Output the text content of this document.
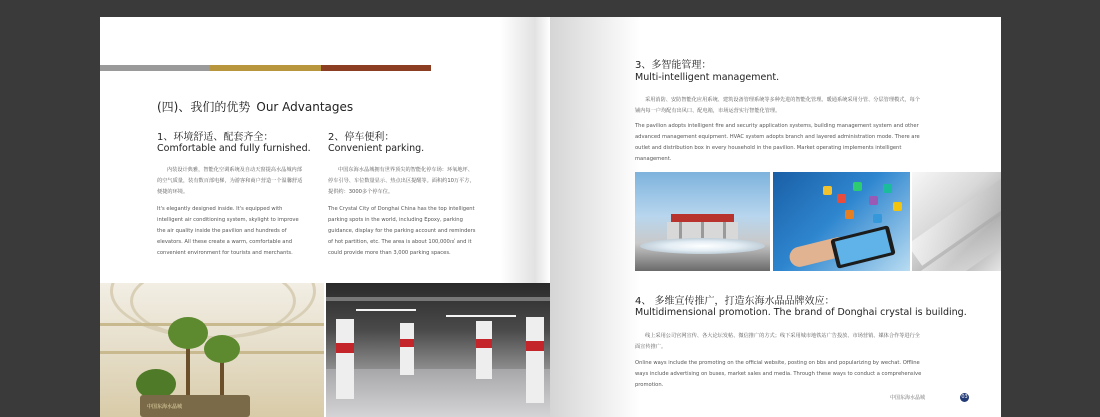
(四)、我们的优势 Our Advantages
1、环境舒适、配套齐全：
Comfortable and fully furnished.
内装设计典雅，智能化空调系统及自动天窗提高水晶城内部的空气质量，装有数百部电梯，为游客和商户营造一个温馨舒适便捷的环境。
It's elegantly designed inside. It's equipped with intelligent air conditioning system, skylight to improve the air quality inside the pavilion and hundreds of elevators. All these create a warm, comfortable and convenient environment for tourists and merchants.
2、停车便利：
Convenient parking.
中国东海水晶城拥有世界顶尖的智能化停车场：环氧地坪、停车引导、车位数量显示、热点出区提醒等。面积约10万平方，提供约：3000多个停车位。
The Crystal City of Donghai China has the top intelligent parking spots in the world, including Epoxy, parking guidance, display for the parking account and reminders of hot partition, etc. The area is about 100,000㎡ and it could provide more than 3,000 parking spaces.
中国东海水晶城
3、多智能管理：
Multi-intelligent management.
采用消防、安防智能化应用系统、建筑设备管理系统等多种先进的智能化管理。暖通系统采用分管、分层管理模式，每个铺内每一户均配有出风口、配电箱，市场运营实行智能化管理。
The pavilion adopts intelligent fire and security application systems, building management system and other advanced management equipment. HVAC system adopts branch and layered administration mode. There are outlet and distribution box in every household in the pavilion. Market operating implements intelligent management.
4、 多维宣传推广，打造东海水晶品牌效应：
Multidimensional promotion. The brand of Donghai crystal is building.
线上采用公司官网宣传、各大论坛发帖、微信推广的方式；线下采用城市地铁站广告投放、市场营销、媒体合作等进行全面宣传推广。
Online ways include the promoting on the official website, posting on bbs and popularizing by wechat. Offline ways include advertising on buses, market sales and media. Through these ways to conduct a comprehensive promotion.
中国东海水晶城	03
